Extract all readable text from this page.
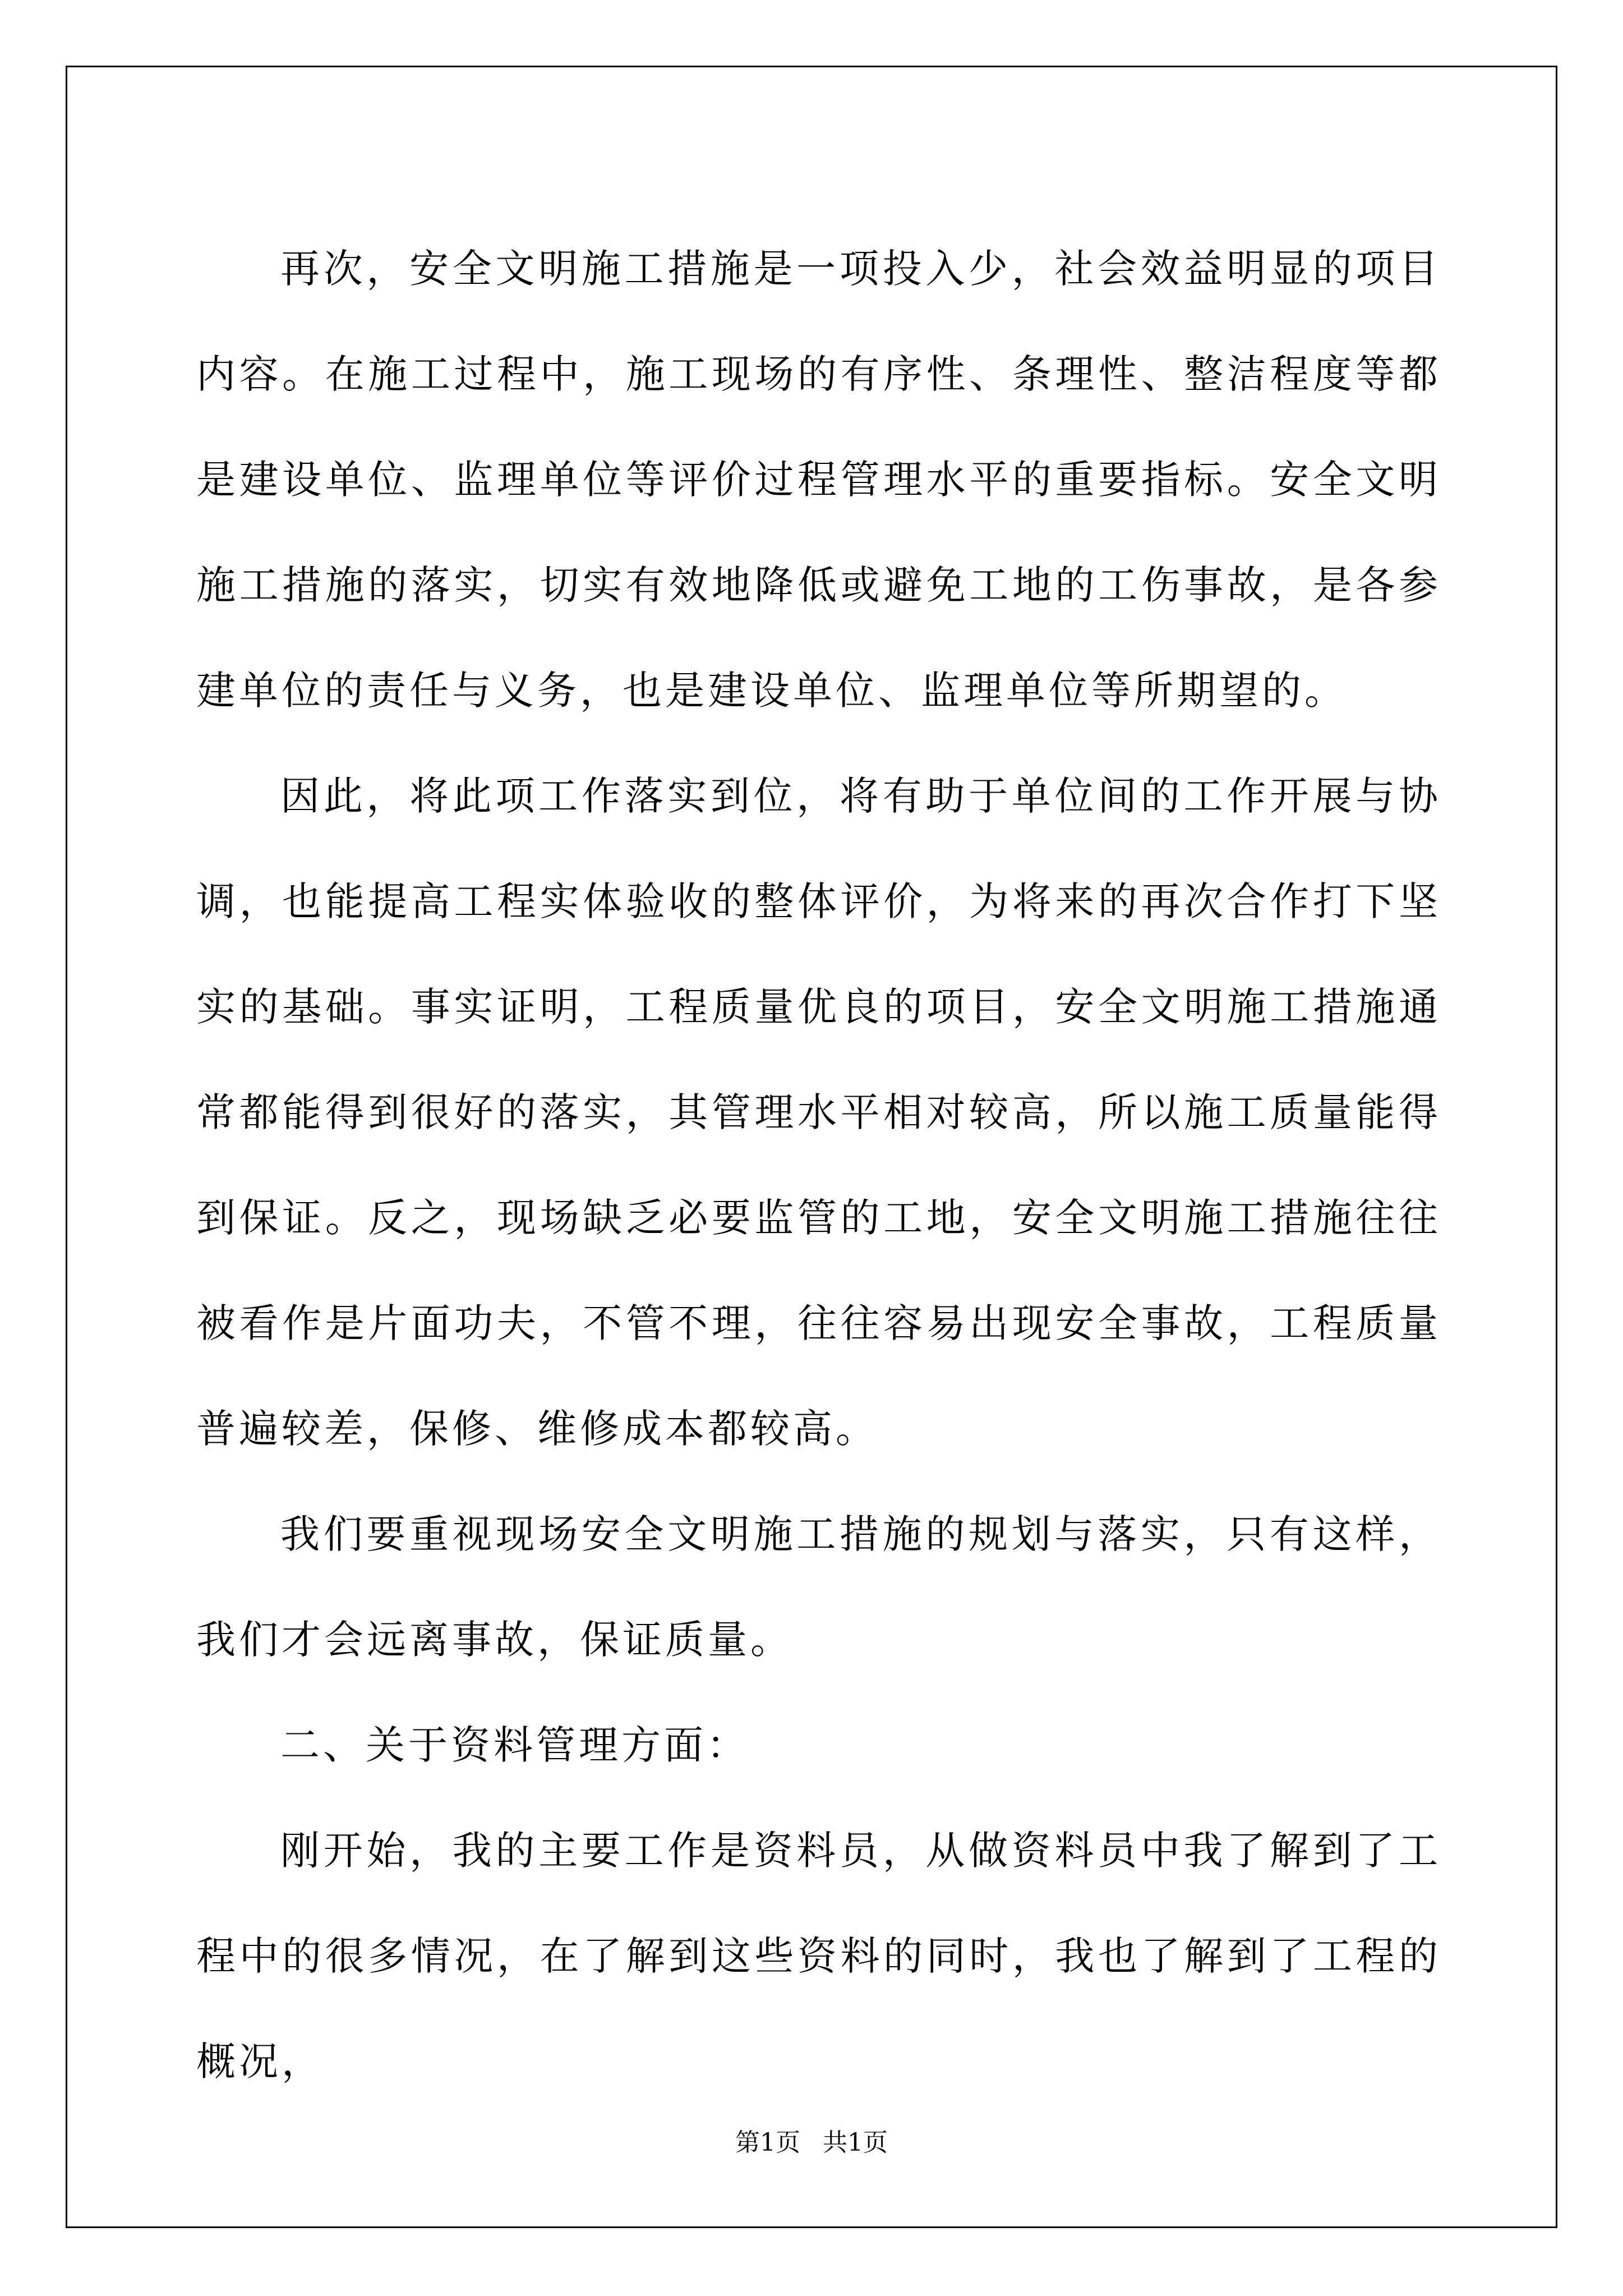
再次，安全文明施工措施是一项投入少，社会效益明显的项目内容。在施工过程中，施工现场的有序性、条理性、整洁程度等都是建设单位、监理单位等评价过程管理水平的重要指标。安全文明施工措施的落实，切实有效地降低或避免工地的工伤事故，是各参建单位的责任与义务，也是建设单位、监理单位等所期望的。

因此，将此项工作落实到位，将有助于单位间的工作开展与协调，也能提高工程实体验收的整体评价，为将来的再次合作打下坚实的基础。事实证明，工程质量优良的项目，安全文明施工措施通常都能得到很好的落实，其管理水平相对较高，所以施工质量能得到保证。反之，现场缺乏必要监管的工地，安全文明施工措施往往被看作是片面功夫，不管不理，往往容易出现安全事故，工程质量普遍较差，保修、维修成本都较高。

我们要重视现场安全文明施工措施的规划与落实，只有这样，我们才会远离事故，保证质量。

二、关于资料管理方面：

刚开始，我的主要工作是资料员，从做资料员中我了解到了工程中的很多情况，在了解到这些资料的同时，我也了解到了工程的概况，

第1页 共1页
